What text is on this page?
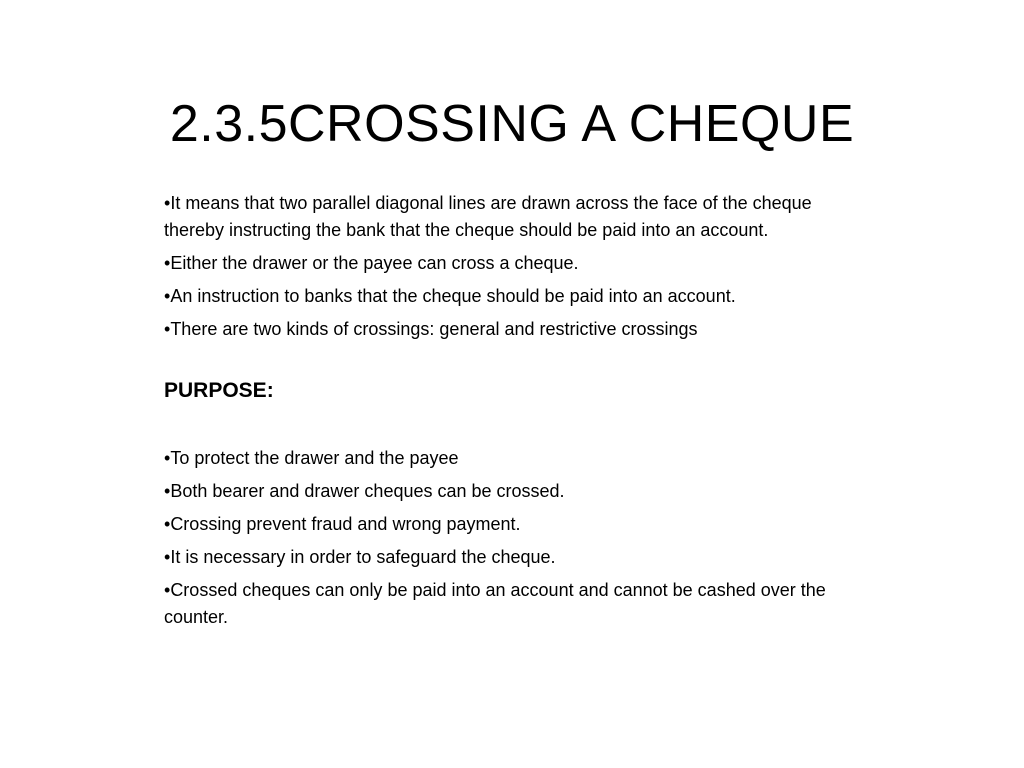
2.3.5CROSSING A CHEQUE
•It means that two parallel diagonal lines are drawn across the face of the cheque thereby instructing the bank that the cheque should be paid into an account.
•Either the drawer or the payee can cross a cheque.
•An instruction to banks that the cheque should be paid into an account.
•There are two kinds of crossings: general and restrictive crossings
PURPOSE:
•To protect the drawer and the payee
•Both bearer and drawer cheques can be crossed.
•Crossing prevent fraud and wrong payment.
•It is necessary in order to safeguard the cheque.
•Crossed cheques can only be paid into an account and cannot be cashed over the counter.
